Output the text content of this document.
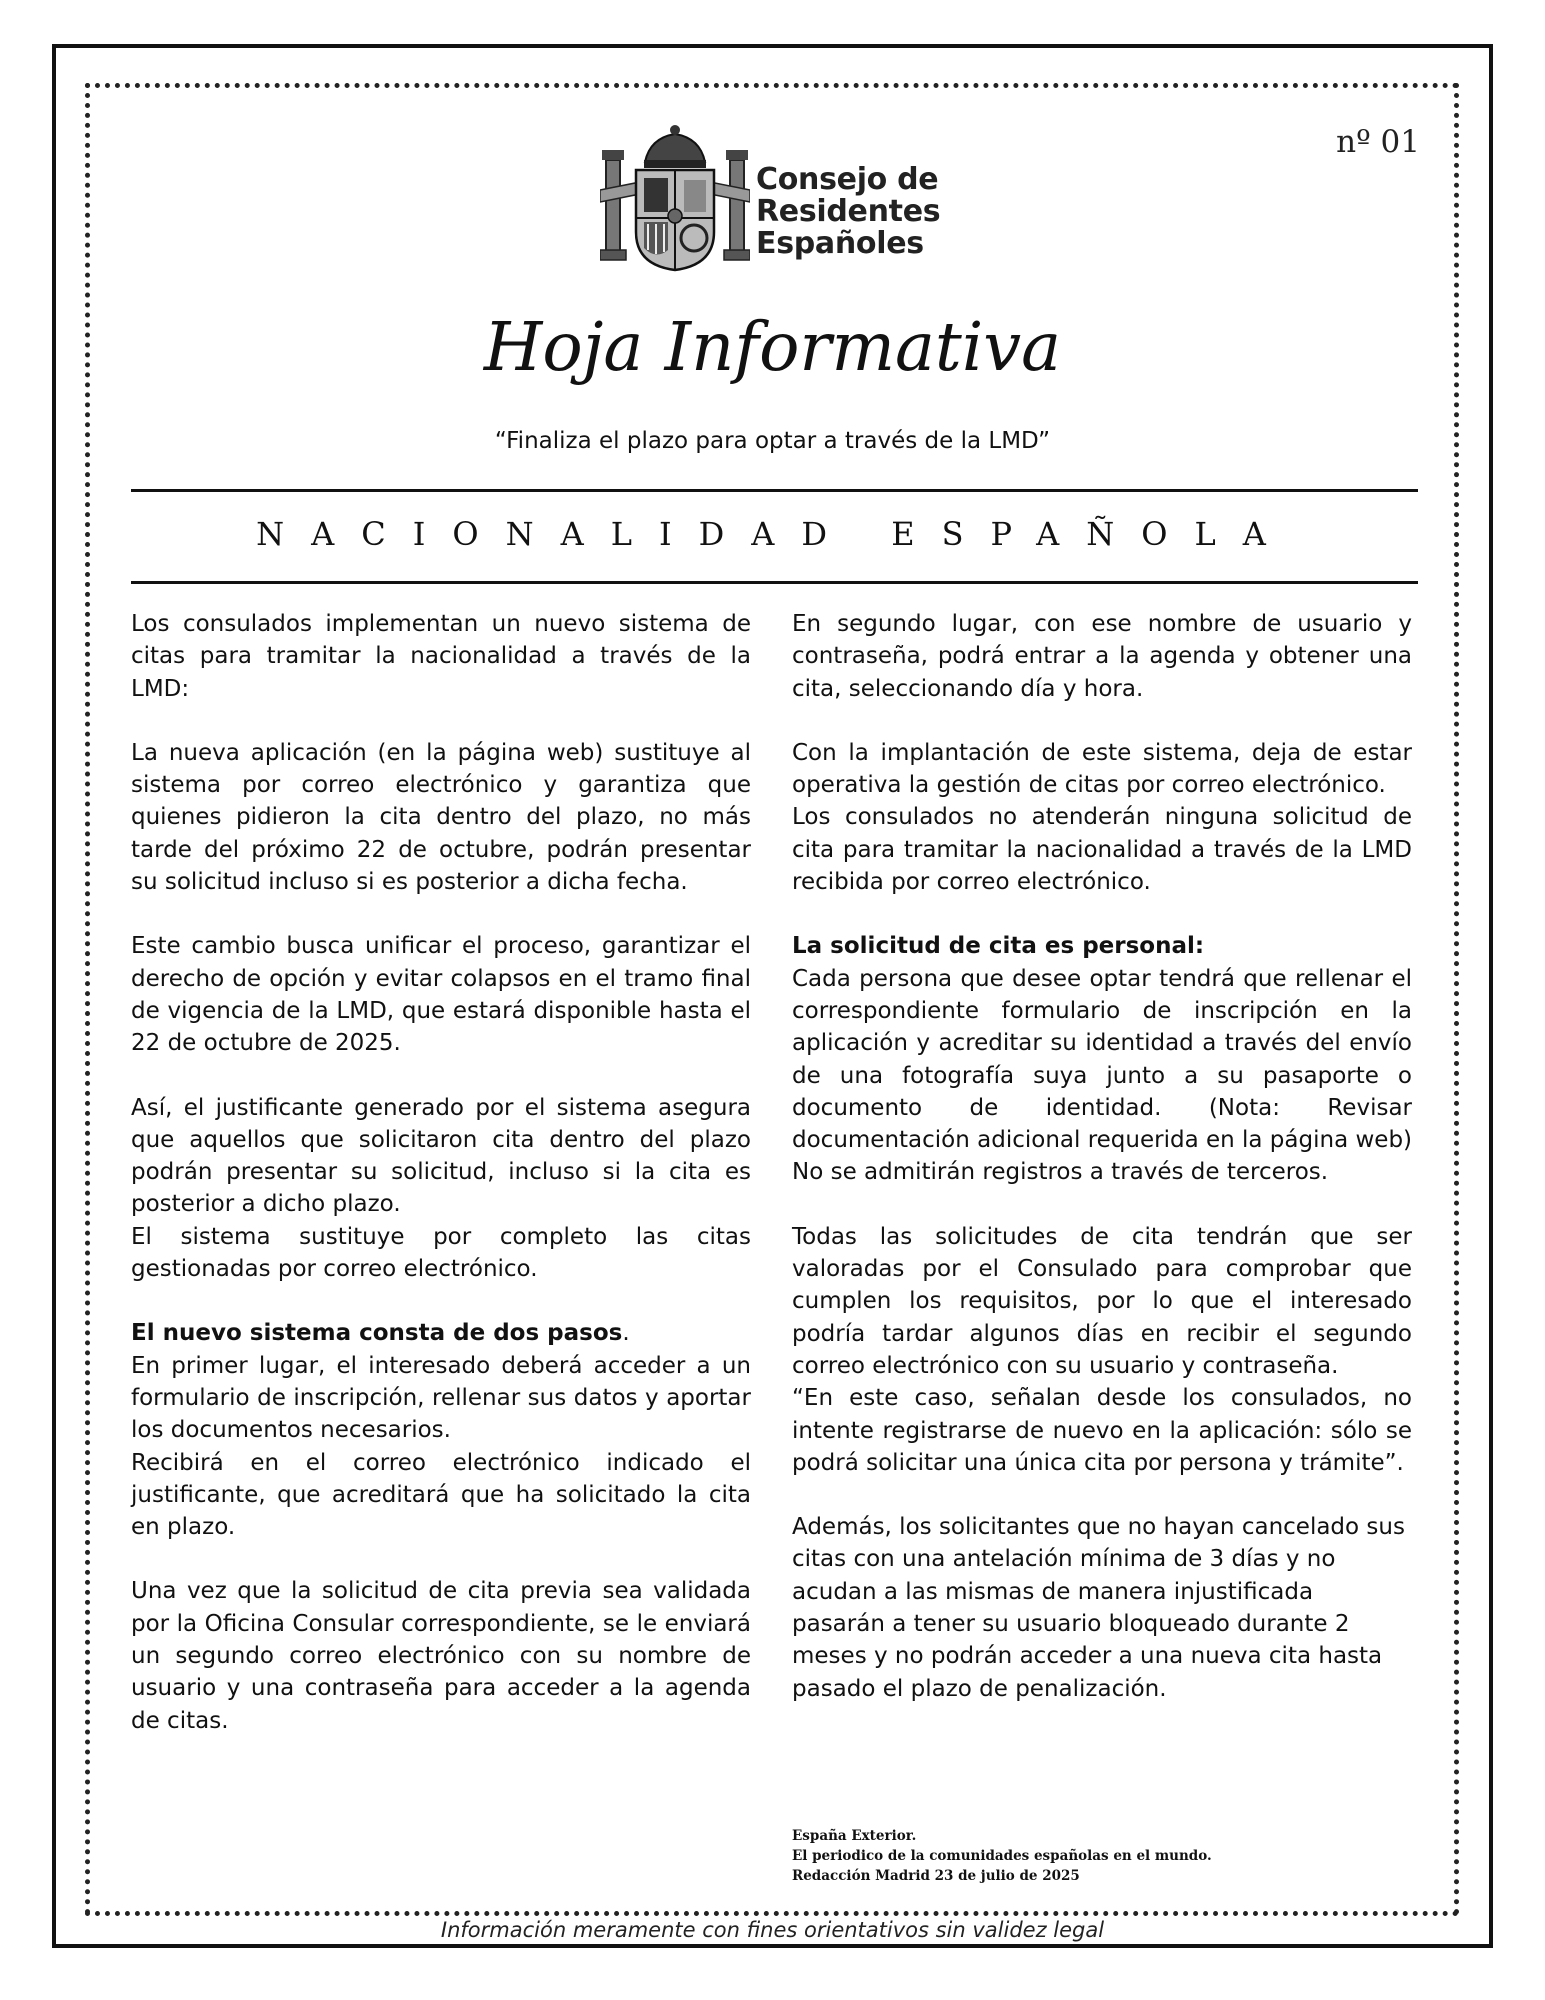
nº 01
Consejo de
Residentes
Españoles
Hoja Informativa
“Finaliza el plazo para optar a través de la LMD”
NACIONALIDAD ESPAÑOLA

Los consulados implementan un nuevo sistema de citas para tramitar la nacionalidad a través de la LMD:

La nueva aplicación (en la página web) sustituye al sistema por correo electrónico y garantiza que quienes pidieron la cita dentro del plazo, no más tarde del próximo 22 de octubre, podrán presentar su solicitud incluso si es posterior a dicha fecha.

Este cambio busca unificar el proceso, garantizar el derecho de opción y evitar colapsos en el tramo final de vigencia de la LMD, que estará disponible hasta el 22 de octubre de 2025.

Así, el justificante generado por el sistema asegura que aquellos que solicitaron cita dentro del plazo podrán presentar su solicitud, incluso si la cita es posterior a dicho plazo.

El sistema sustituye por completo las citas gestionadas por correo electrónico.

El nuevo sistema consta de dos pasos.

En primer lugar, el interesado deberá acceder a un formulario de inscripción, rellenar sus datos y aportar los documentos necesarios.

Recibirá en el correo electrónico indicado el justificante, que acreditará que ha solicitado la cita en plazo.

Una vez que la solicitud de cita previa sea validada por la Oficina Consular correspondiente, se le enviará un segundo correo electrónico con su nombre de usuario y una contraseña para acceder a la agenda de citas.

En segundo lugar, con ese nombre de usuario y contraseña, podrá entrar a la agenda y obtener una cita, seleccionando día y hora.

Con la implantación de este sistema, deja de estar operativa la gestión de citas por correo electrónico.

Los consulados no atenderán ninguna solicitud de cita para tramitar la nacionalidad a través de la LMD recibida por correo electrónico.

La solicitud de cita es personal:

Cada persona que desee optar tendrá que rellenar el correspondiente formulario de inscripción en la aplicación y acreditar su identidad a través del envío de una fotografía suya junto a su pasaporte o documento de identidad. (Nota: Revisar documentación adicional requerida en la página web)

No se admitirán registros a través de terceros.

Todas las solicitudes de cita tendrán que ser valoradas por el Consulado para comprobar que cumplen los requisitos, por lo que el interesado podría tardar algunos días en recibir el segundo correo electrónico con su usuario y contraseña.

“En este caso, señalan desde los consulados, no intente registrarse de nuevo en la aplicación: sólo se podrá solicitar una única cita por persona y trámite”.

Además, los solicitantes que no hayan cancelado sus citas con una antelación mínima de 3 días y no acudan a las mismas de manera injustificada pasarán a tener su usuario bloqueado durante 2 meses y no podrán acceder a una nueva cita hasta pasado el plazo de penalización.

España Exterior.
El periodico de la comunidades españolas en el mundo.
Redacción Madrid 23 de julio de 2025
Información meramente con fines orientativos sin validez legal
